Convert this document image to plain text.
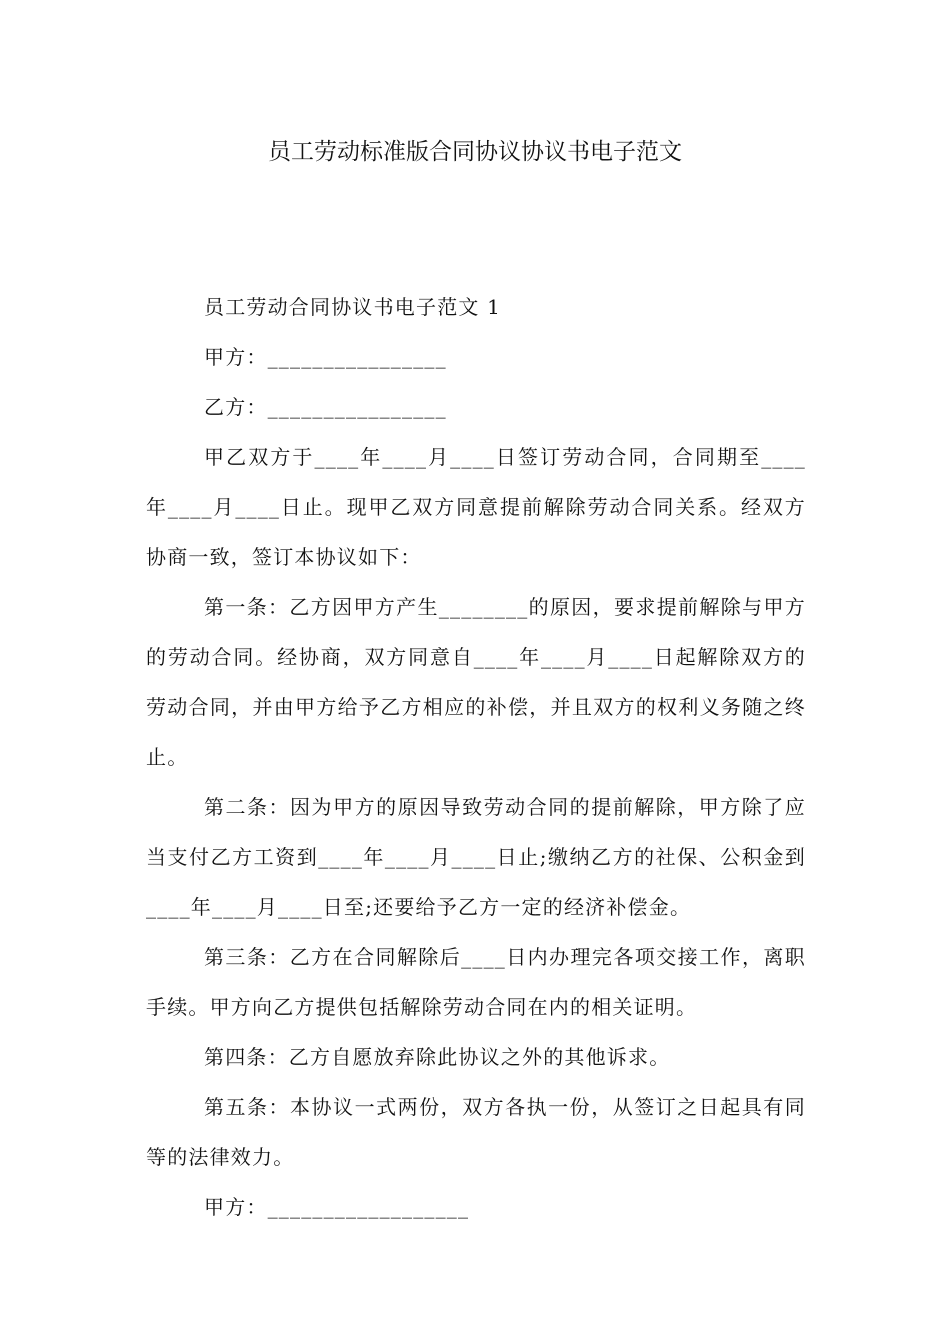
员工劳动标准版合同协议协议书电子范文

员工劳动合同协议书电子范文 1

甲方：________________

乙方：________________

甲乙双方于____年____月____日签订劳动合同，合同期至____年____月____日止。现甲乙双方同意提前解除劳动合同关系。经双方协商一致，签订本协议如下：

第一条：乙方因甲方产生________的原因，要求提前解除与甲方的劳动合同。经协商，双方同意自____年____月____日起解除双方的劳动合同，并由甲方给予乙方相应的补偿，并且双方的权利义务随之终止。

第二条：因为甲方的原因导致劳动合同的提前解除，甲方除了应当支付乙方工资到____年____月____日止;缴纳乙方的社保、公积金到____年____月____日至;还要给予乙方一定的经济补偿金。

第三条：乙方在合同解除后____日内办理完各项交接工作，离职手续。甲方向乙方提供包括解除劳动合同在内的相关证明。

第四条：乙方自愿放弃除此协议之外的其他诉求。

第五条：本协议一式两份，双方各执一份，从签订之日起具有同等的法律效力。

甲方：__________________
